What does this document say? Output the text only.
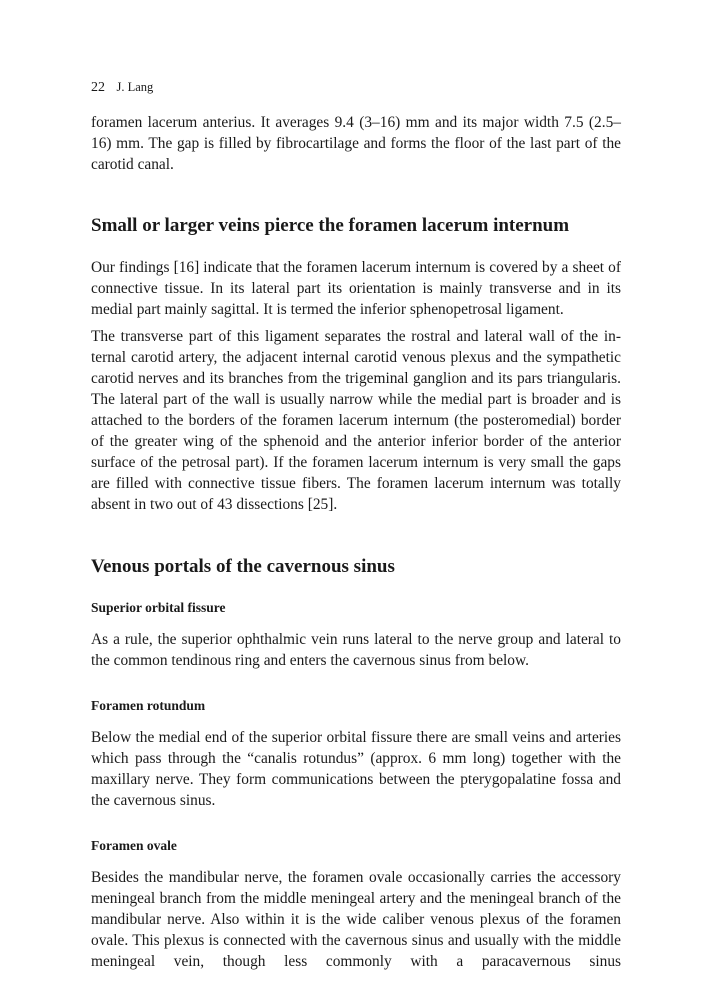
22 J. Lang

foramen lacerum anterius. It averages 9.4 (3–16) mm and its major width 7.5 (2.5–16) mm. The gap is filled by fibrocartilage and forms the floor of the last part of the carotid canal.

Small or larger veins pierce the foramen lacerum internum

Our findings [16] indicate that the foramen lacerum internum is covered by a sheet of connective tissue. In its lateral part its orientation is mainly transverse and in its medial part mainly sagittal. It is termed the inferior sphenopetrosal ligament.

The transverse part of this ligament separates the rostral and lateral wall of the internal carotid artery, the adjacent internal carotid venous plexus and the sympathetic carotid nerves and its branches from the trigeminal ganglion and its pars triangularis. The lateral part of the wall is usually narrow while the medial part is broader and is attached to the borders of the foramen lacerum internum (the posteromedial) border of the greater wing of the sphenoid and the anterior inferior border of the anterior surface of the petrosal part). If the foramen lacerum internum is very small the gaps are filled with connective tissue fibers. The foramen lacerum internum was totally absent in two out of 43 dissections [25].

Venous portals of the cavernous sinus
Superior orbital fissure

As a rule, the superior ophthalmic vein runs lateral to the nerve group and lateral to the common tendinous ring and enters the cavernous sinus from below.

Foramen rotundum

Below the medial end of the superior orbital fissure there are small veins and arteries which pass through the “canalis rotundus” (approx. 6 mm long) together with the maxillary nerve. They form communications between the pterygopalatine fossa and the cavernous sinus.

Foramen ovale

Besides the mandibular nerve, the foramen ovale occasionally carries the accessory meningeal branch from the middle meningeal artery and the meningeal branch of the mandibular nerve. Also within it is the wide caliber venous plexus of the foramen ovale. This plexus is connected with the cavernous sinus and usually with the middle meningeal vein, though less commonly with a paracavernous sinus
